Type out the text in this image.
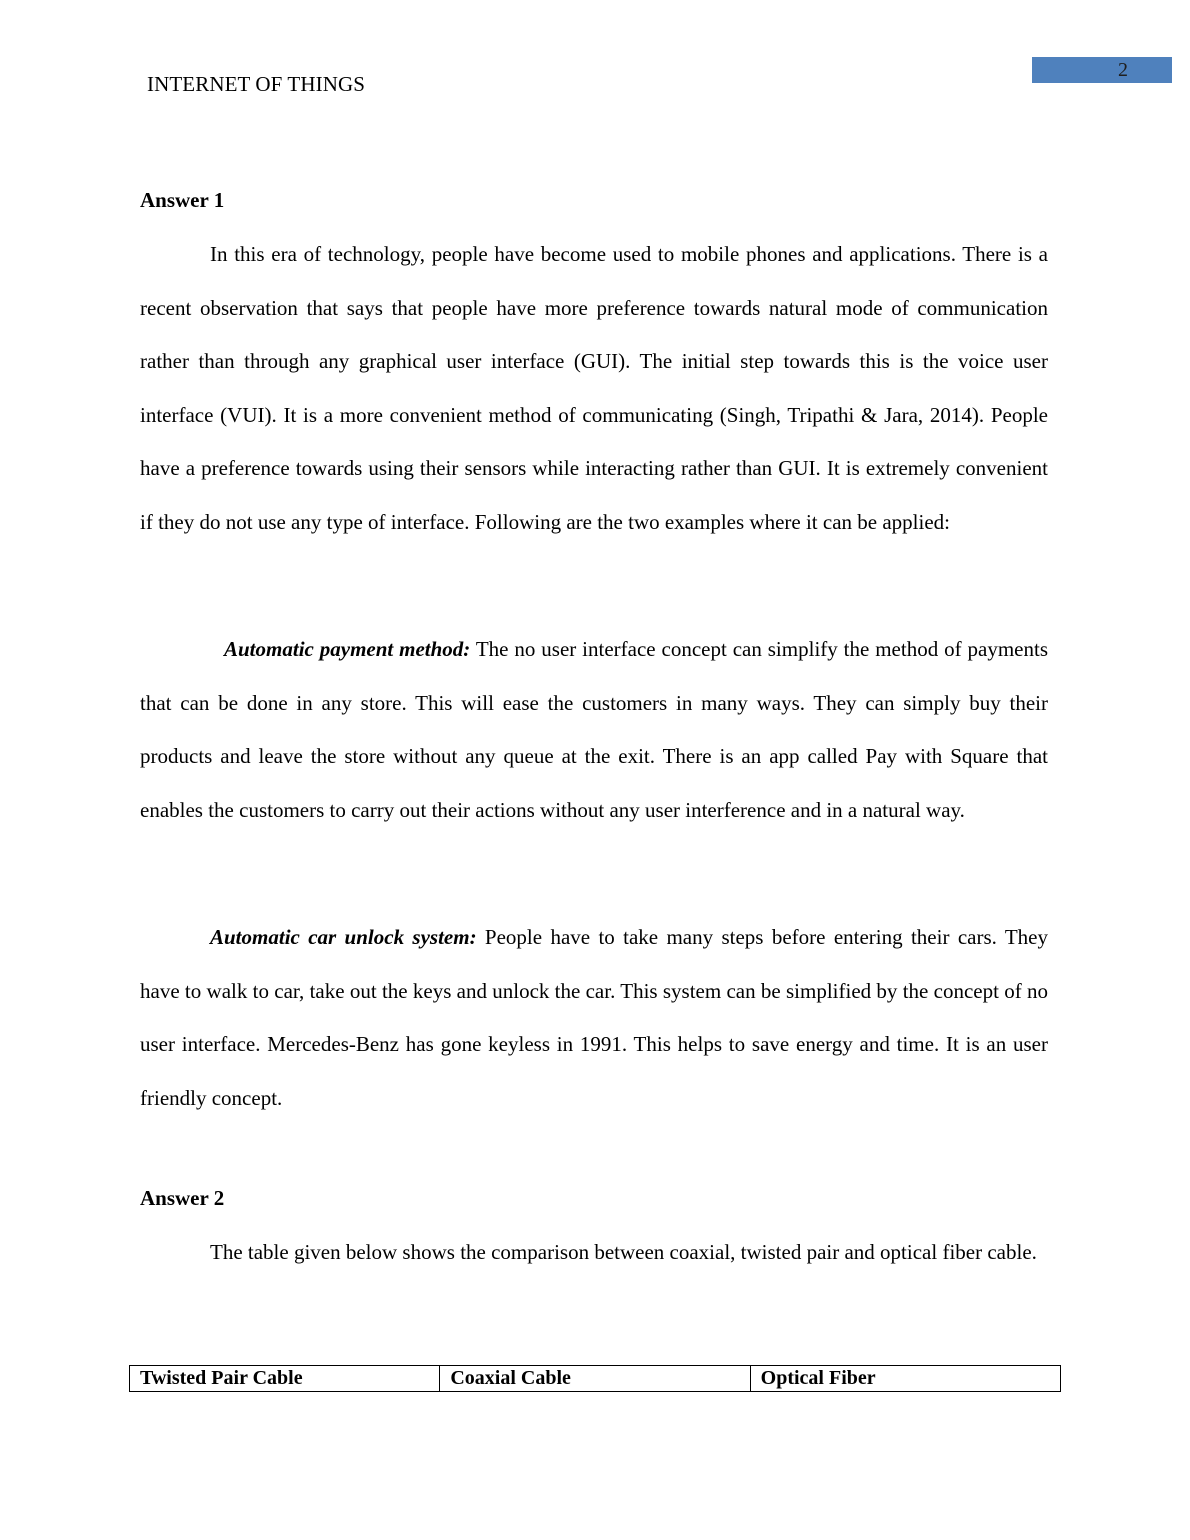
2
INTERNET OF THINGS
Answer 1

In this era of technology, people have become used to mobile phones and applications. There is a recent observation that says that people have more preference towards natural mode of communication rather than through any graphical user interface (GUI). The initial step towards this is the voice user interface (VUI). It is a more convenient method of communicating (Singh, Tripathi & Jara, 2014). People have a preference towards using their sensors while interacting rather than GUI. It is extremely convenient if they do not use any type of interface. Following are the two examples where it can be applied:

Automatic payment method: The no user interface concept can simplify the method of payments that can be done in any store. This will ease the customers in many ways. They can simply buy their products and leave the store without any queue at the exit. There is an app called Pay with Square that enables the customers to carry out their actions without any user interference and in a natural way.

Automatic car unlock system: People have to take many steps before entering their cars. They have to walk to car, take out the keys and unlock the car. This system can be simplified by the concept of no user interface. Mercedes-Benz has gone keyless in 1991. This helps to save energy and time. It is an user friendly concept.

Answer 2

The table given below shows the comparison between coaxial, twisted pair and optical fiber cable.

Twisted Pair Cable	Coaxial Cable	Optical Fiber
